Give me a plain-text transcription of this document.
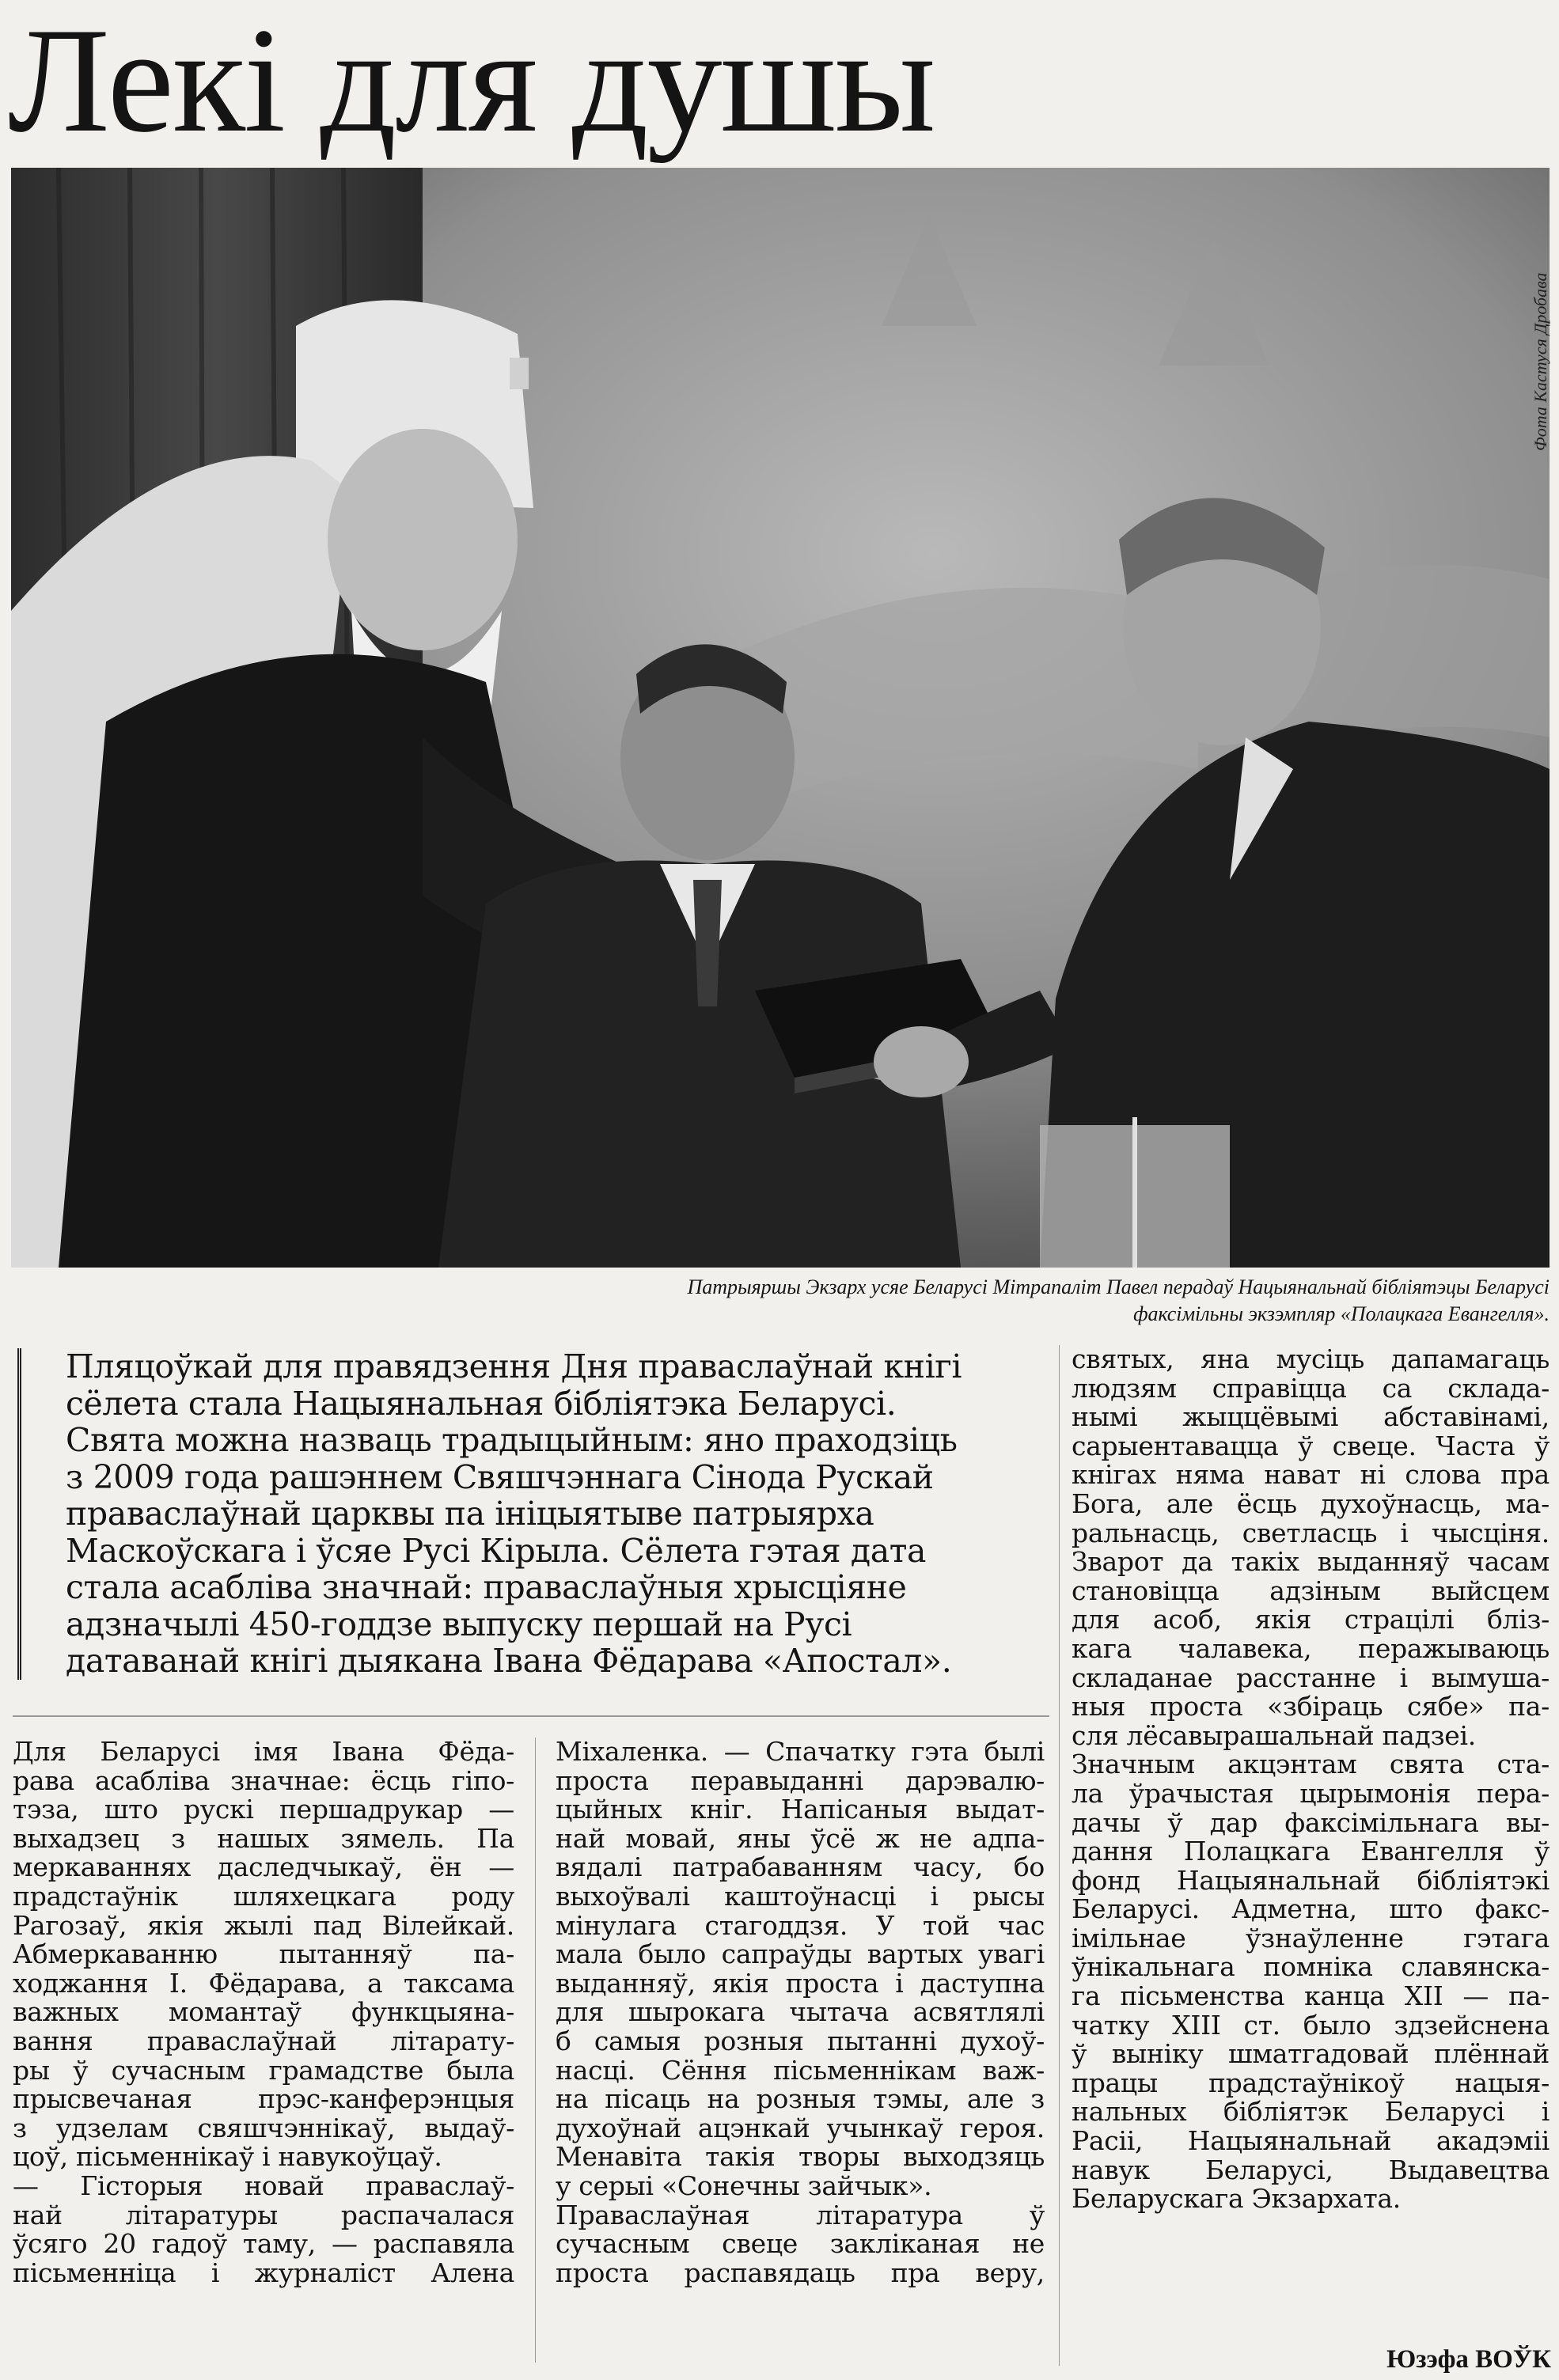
Лекі для душы
Фота Кастуся Дробава
Патрыяршы Экзарх усяе Беларусі Мітрапаліт Павел перадаў Нацыянальнай бібліятэцы Беларусі
факсімільны экзэмпляр «Полацкага Евангелля».
Пляцоўкай для правядзення Дня праваслаўнай кнігі
сёлета стала Нацыянальная бібліятэка Беларусі.
Свята можна назваць традыцыйным: яно праходзіць
з 2009 года рашэннем Свяшчэннага Сінода Рускай
праваслаўнай царквы па ініцыятыве патрыярха
Маскоўскага і ўсяе Русі Кірыла. Сёлета гэтая дата
стала асабліва значнай: праваслаўныя хрысціяне
адзначылі 450-годдзе выпуску першай на Русі
датаванай кнігі дыякана Івана Фёдарава «Апостал».
Для Беларусі імя Івана Фёда-
рава асабліва значнае: ёсць гіпо-
тэза, што рускі першадрукар —
выхадзец з нашых зямель. Па
меркаваннях даследчыкаў, ён —
прадстаўнік шляхецкага роду
Рагозаў, якія жылі пад Вілейкай.
Абмеркаванню пытанняў па-
ходжання І. Фёдарава, а таксама
важных момантаў функцыяна-
вання праваслаўнай літарату-
ры ў сучасным грамадстве была
прысвечаная прэс-канферэнцыя
з удзелам свяшчэннікаў, выдаў-
цоў, пісьменнікаў і навукоўцаў.
— Гісторыя новай праваслаў-
най літаратуры распачалася
ўсяго 20 гадоў таму, — распавяла
пісьменніца і журналіст Алена
Міхаленка. — Спачатку гэта былі
проста перавыданні дарэвалю-
цыйных кніг. Напісаныя выдат-
най мовай, яны ўсё ж не адпа-
вядалі патрабаванням часу, бо
выхоўвалі каштоўнасці і рысы
мінулага стагоддзя. У той час
мала было сапраўды вартых увагі
выданняў, якія проста і даступна
для шырокага чытача асвятлялі
б самыя розныя пытанні духоў-
насці. Сёння пісьменнікам важ-
на пісаць на розныя тэмы, але з
духоўнай ацэнкай учынкаў героя.
Менавіта такія творы выходзяць
у серыі «Сонечны зайчык».
Праваслаўная літаратура ў
сучасным свеце закліканая не
проста распавядаць пра веру,
святых, яна мусіць дапамагаць
людзям справіцца са склада-
нымі жыццёвымі абставінамі,
сарыентавацца ў свеце. Часта ў
кнігах няма нават ні слова пра
Бога, але ёсць духоўнасць, ма-
ральнасць, светласць і чысціня.
Зварот да такіх выданняў часам
становіцца адзіным выйсцем
для асоб, якія страцілі бліз-
кага чалавека, перажываюць
складанае расстанне і вымуша-
ныя проста «збіраць сябе» па-
сля лёсавырашальнай падзеі.
Значным акцэнтам свята ста-
ла ўрачыстая цырымонія пера-
дачы ў дар факсімільнага вы-
дання Полацкага Евангелля ў
фонд Нацыянальнай бібліятэкі
Беларусі. Адметна, што факс-
імільнае ўзнаўленне гэтага
ўнікальнага помніка славянска-
га пісьменства канца XII — па-
чатку XIII ст. было здзейснена
ў выніку шматгадовай плённай
працы прадстаўнікоў нацыя-
нальных бібліятэк Беларусі і
Расіі, Нацыянальнай акадэміі
навук Беларусі, Выдавецтва
Беларускага Экзархата.
Юзэфа ВОЎК
